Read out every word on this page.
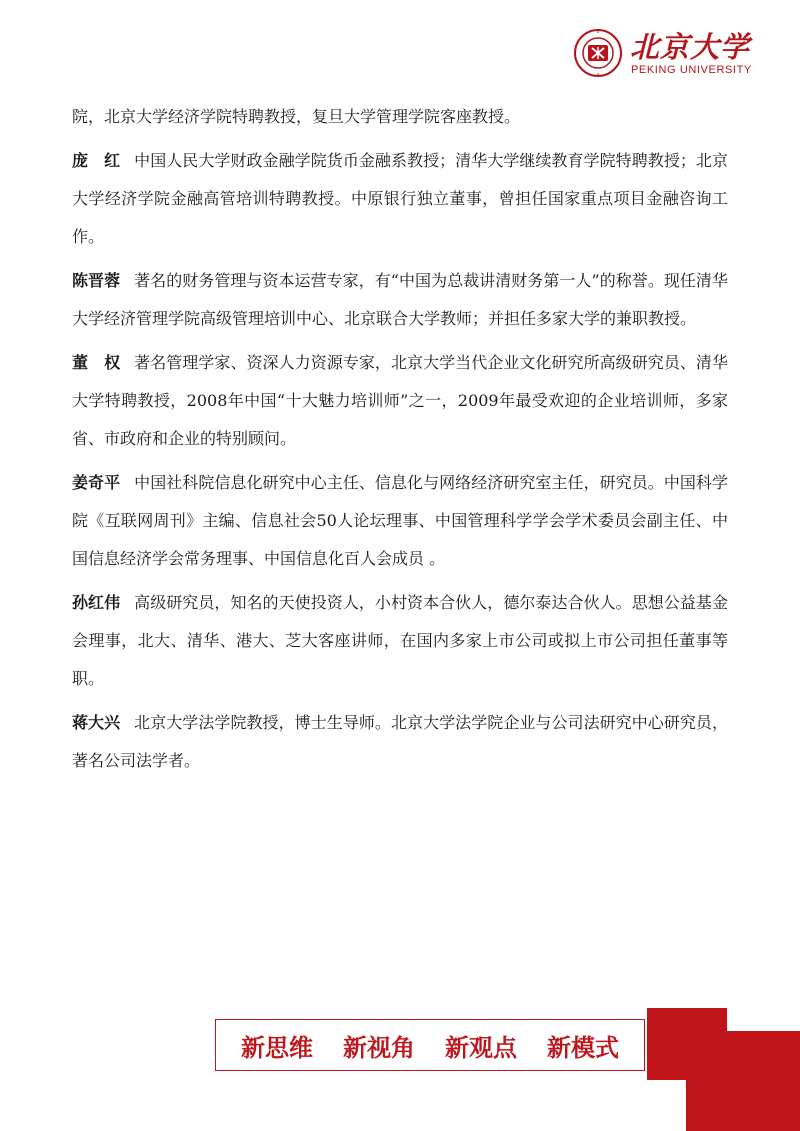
北京大学
PEKING UNIVERSITY

院，北京大学经济学院特聘教授，复旦大学管理学院客座教授。

庞　红 中国人民大学财政金融学院货币金融系教授；清华大学继续教育学院特聘教授；北京大学经济学院金融高管培训特聘教授。中原银行独立董事，曾担任国家重点项目金融咨询工作。

陈晋蓉 著名的财务管理与资本运营专家，有“中国为总裁讲清财务第一人”的称誉。现任清华大学经济管理学院高级管理培训中心、北京联合大学教师；并担任多家大学的兼职教授。

董　权 著名管理学家、资深人力资源专家，北京大学当代企业文化研究所高级研究员、清华大学特聘教授，2008年中国“十大魅力培训师”之一，2009年最受欢迎的企业培训师，多家省、市政府和企业的特别顾问。

姜奇平 中国社科院信息化研究中心主任、信息化与网络经济研究室主任，研究员。中国科学院《互联网周刊》主编、信息社会50人论坛理事、中国管理科学学会学术委员会副主任、中国信息经济学会常务理事、中国信息化百人会成员 。

孙红伟 高级研究员，知名的天使投资人，小村资本合伙人，德尔泰达合伙人。思想公益基金会理事，北大、清华、港大、芝大客座讲师，在国内多家上市公司或拟上市公司担任董事等职。

蒋大兴 北京大学法学院教授，博士生导师。北京大学法学院企业与公司法研究中心研究员，著名公司法学者。

新思维 新视角 新观点 新模式
